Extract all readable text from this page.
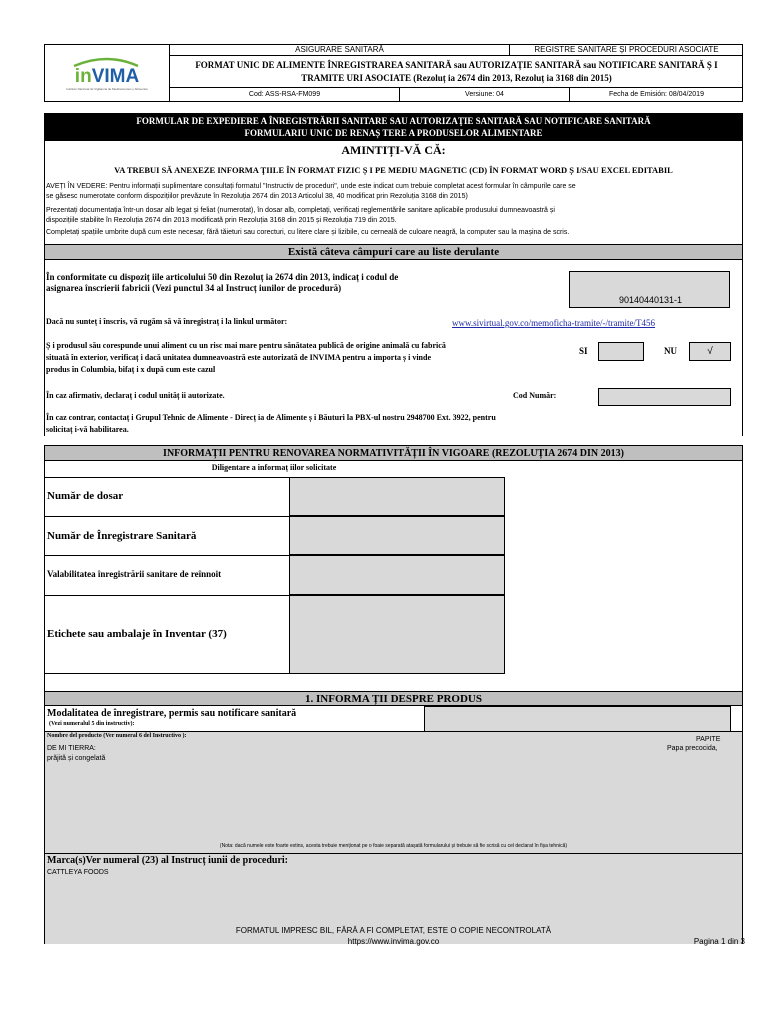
inVIMA
Instituto Nacional de Vigilancia de Medicamentos y Alimentos
ASIGURARE SANITARĂ	REGISTRE SANITARE ȘI PROCEDURI ASOCIATE
FORMAT UNIC DE ALIMENTE ÎNREGISTRAREA SANITARĂ sau AUTORIZAȚIE SANITARĂ sau NOTIFICARE SANITARĂ Ș I
TRAMITE URI ASOCIATE (Rezoluț ia 2674 din 2013, Rezoluț ia 3168 din 2015)
Cod: ASS-RSA-FM099	Versiune: 04	Fecha de Emisión: 08/04/2019
FORMULAR DE EXPEDIERE A ÎNREGISTRĂRII SANITARE SAU AUTORIZAŢIE SANITARĂ SAU NOTIFICARE SANITARĂ
FORMULARIU UNIC DE RENAȘ TERE A PRODUSELOR ALIMENTARE
AMINTIȚI-VĂ CĂ:
VA TREBUI SĂ ANEXEZE INFORMA ŢIILE ÎN FORMAT FIZIC Ș I PE MEDIU MAGNETIC (CD) ÎN FORMAT WORD Ș I/SAU EXCEL EDITABIL
AVEȚI ÎN VEDERE: Pentru informații suplimentare consultați formatul "Instructiv de proceduri", unde este indicat cum trebuie completat acest formular în câmpurile care se
se găsesc numerotate conform dispozițiilor prevăzute în Rezoluția 2674 din 2013 Articolul 38, 40 modificat prin Rezoluția 3168 din 2015)
Prezentați documentația într-un dosar alb legat și feliat (numerotat), în dosar alb, completați, verificați reglementările sanitare aplicabile produsului dumneavoastră și
dispozițiile stabilite în Rezoluția 2674 din 2013 modificată prin Rezoluția 3168 din 2015 și Rezoluția 719 din 2015.
Completați spațiile umbrite după cum este necesar, fără tăieturi sau corecturi, cu litere clare și lizibile, cu cerneală de culoare neagră, la computer sau la mașina de scris.
Există câteva câmpuri care au liste derulante
În conformitate cu dispoziț iile articolului 50 din Rezoluț ia 2674 din 2013, indicaț i codul de
asignarea înscrierii fabricii (Vezi punctul 34 al Instrucț iunilor de procedură)
90140440131-1
Dacă nu sunteț i înscris, vă rugăm să vă înregistraț i la linkul următor:	www.sivirtual.gov.co/memoficha-tramite/-/tramite/T456
Ș i produsul său corespunde unui aliment cu un risc mai mare pentru sănătatea publică de origine animală cu fabrică
situată în exterior, verificaț i dacă unitatea dumneavoastră este autorizată de INVIMA pentru a importa ș i vinde
produs în Columbia, bifaț i x după cum este cazul
SI	NU	√
În caz afirmativ, declaraț i codul unităț ii autorizate.	Cod Număr:
În caz contrar, contactaț i Grupul Tehnic de Alimente - Direcț ia de Alimente ș i Băuturi la PBX-ul nostru 2948700 Ext. 3922, pentru
solicitaț i-vă habilitarea.
INFORMAȚII PENTRU RENOVAREA NORMATIVITĂȚII ÎN VIGOARE (REZOLUȚIA 2674 DIN 2013)
Diligentare a informaț iilor solicitate
Număr de dosar
Număr de Înregistrare Sanitară
Valabilitatea înregistrării sanitare de reînnoit
Etichete sau ambalaje în Inventar (37)
1. INFORMA ȚII DESPRE PRODUS
Modalitatea de înregistrare, permis sau notificare sanitară
(Vezi numeralul 5 din instructiv):
Nombre del producto (Ver numeral 6 del Instructivo ):	PAPITE
DE MI TIERRA:	Papa precocida,
prăjită și congelată
(Nota: dacă numele este foarte extins, acesta trebuie menționat pe o foaie separată atașată formularului și trebuie să fie scrisă cu cel declarat în fișa tehnică)
Marca(s)Ver numeral (23) al Instrucț iunii de proceduri:
CATTLEYA FOODS
FORMATUL IMPRESC BIL, FĂRĂ A FI COMPLETAT, ESTE O COPIE NECONTROLATĂ
https://www.invima.gov.co	Pagina 1 din 3
